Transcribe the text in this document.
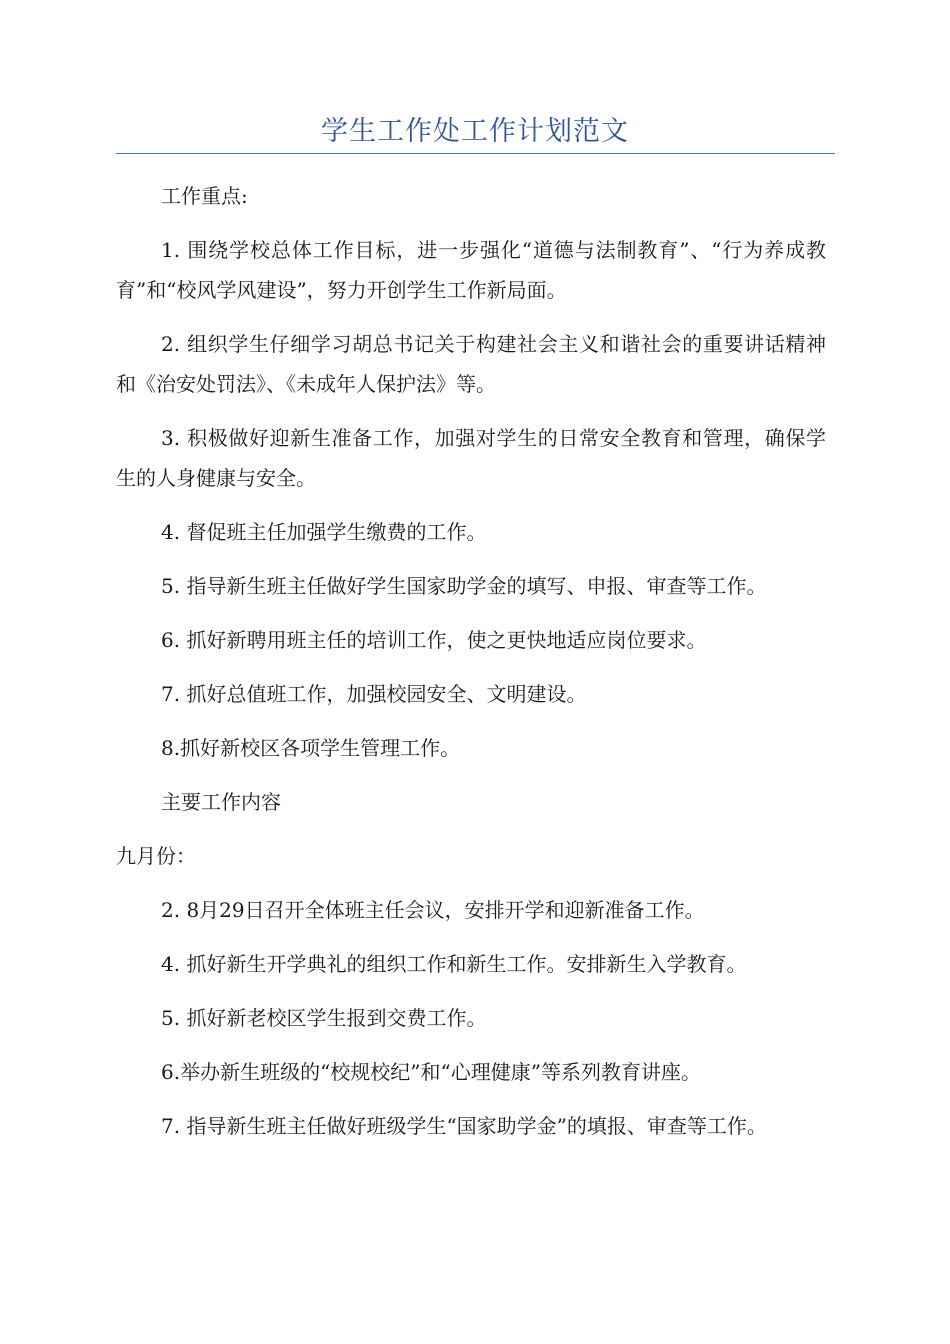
学生工作处工作计划范文

工作重点:

1. 围绕学校总体工作目标，进一步强化“道德与法制教育”、“行为养成教育”和“校风学风建设”，努力开创学生工作新局面。

2. 组织学生仔细学习胡总书记关于构建社会主义和谐社会的重要讲话精神和《治安处罚法》、《未成年人保护法》等。

3. 积极做好迎新生准备工作，加强对学生的日常安全教育和管理，确保学生的人身健康与安全。

4. 督促班主任加强学生缴费的工作。

5. 指导新生班主任做好学生国家助学金的填写、申报、审查等工作。

6. 抓好新聘用班主任的培训工作，使之更快地适应岗位要求。

7. 抓好总值班工作，加强校园安全、文明建设。

8.抓好新校区各项学生管理工作。

主要工作内容

九月份：

2. 8月29日召开全体班主任会议，安排开学和迎新准备工作。

4. 抓好新生开学典礼的组织工作和新生工作。安排新生入学教育。

5. 抓好新老校区学生报到交费工作。

6.举办新生班级的“校规校纪”和“心理健康”等系列教育讲座。

7. 指导新生班主任做好班级学生“国家助学金”的填报、审查等工作。
